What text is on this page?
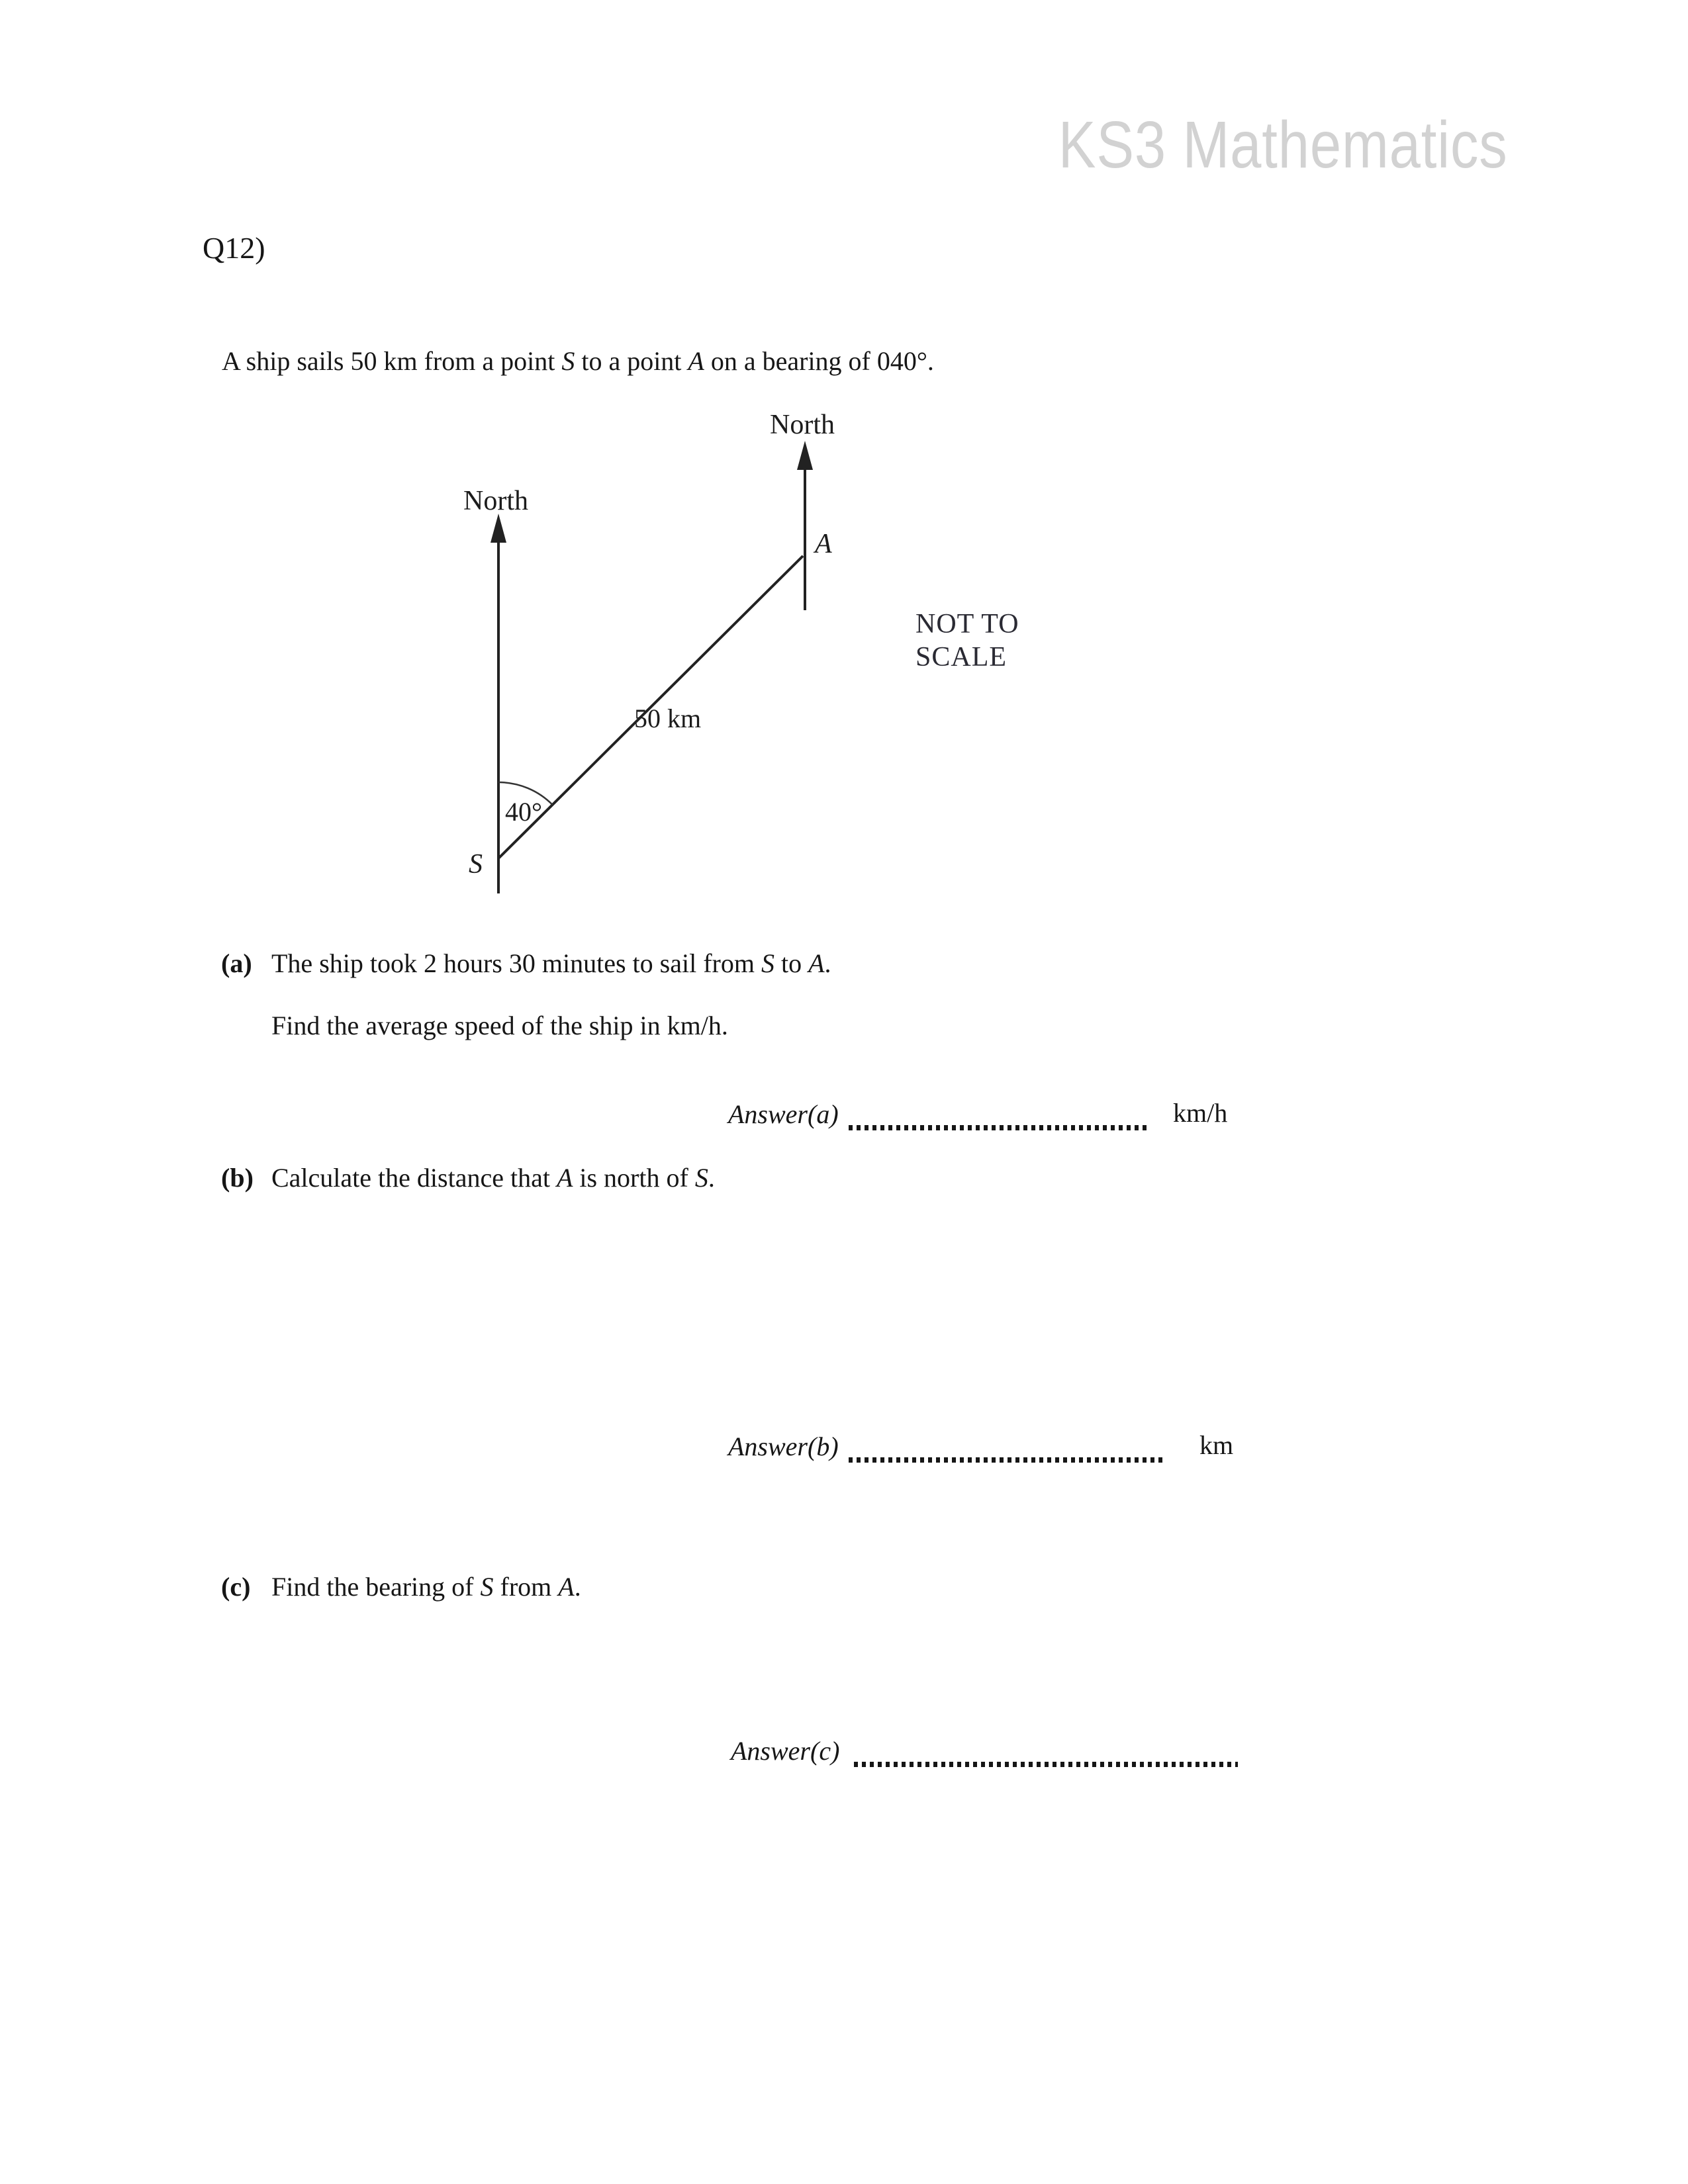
KS3 Mathematics
Q12)
A ship sails 50 km from a point S to a point A on a bearing of 040°.
North
North
A
S
40°
50 km
NOT TO
SCALE
(a) The ship took 2 hours 30 minutes to sail from S to A.
Find the average speed of the ship in km/h.
Answer(a)	km/h
(b) Calculate the distance that A is north of S.
Answer(b)	km
(c) Find the bearing of S from A.
Answer(c)
